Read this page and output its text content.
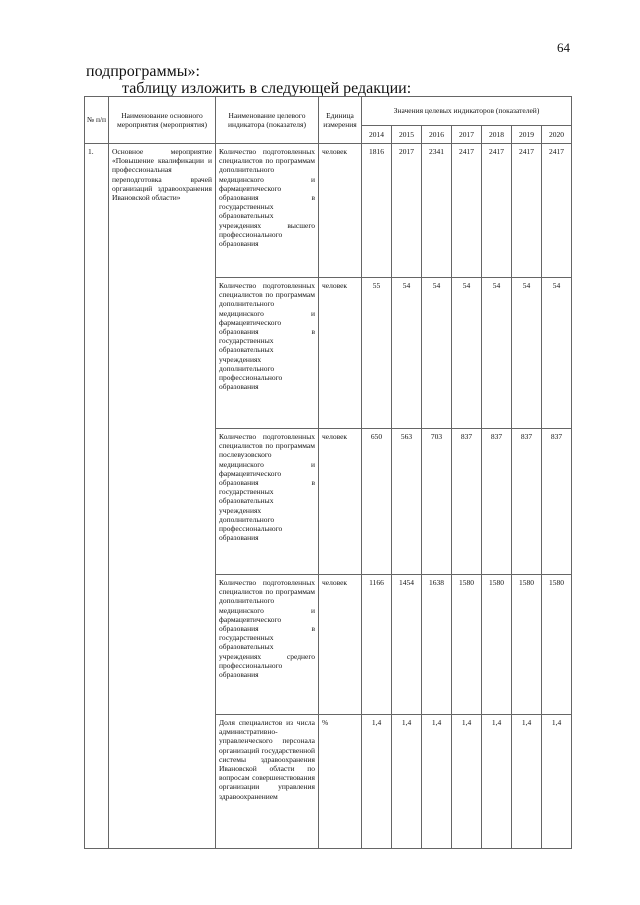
64
подпрограммы»:
таблицу изложить в следующей редакции:
№ п/п	Наименование основного мероприятия (мероприятия)	Наименование целевого индикатора (показателя)	Единица измерения	Значения целевых индикаторов (показателей)						
				2014	2015	2016	2017	2018	2019	2020
1.	Основное мероприятие «Повышение квалификации и профессиональная переподготовка врачей организаций здравоохранения Ивановской области»	Количество подготовленных специалистов по программам дополнительного медицинского и фармацевтического образования в государственных образовательных учреждениях высшего профессионального образования	человек	1816	2017	2341	2417	2417	2417	2417
		Количество подготовленных специалистов по программам дополнительного медицинского и фармацевтического образования в государственных образовательных учреждениях дополнительного профессионального образования	человек	55	54	54	54	54	54	54
		Количество подготовленных специалистов по программам послевузовского медицинского и фармацевтического образования в государственных образовательных учреждениях дополнительного профессионального образования	человек	650	563	703	837	837	837	837
		Количество подготовленных специалистов по программам дополнительного медицинского и фармацевтического образования в государственных образовательных учреждениях среднего профессионального образования	человек	1166	1454	1638	1580	1580	1580	1580
		Доля специалистов из числа административно-управленческого персонала организаций государственной системы здравоохранения Ивановской области по вопросам совершенствования организации управления здравоохранением	%	1,4	1,4	1,4	1,4	1,4	1,4	1,4
